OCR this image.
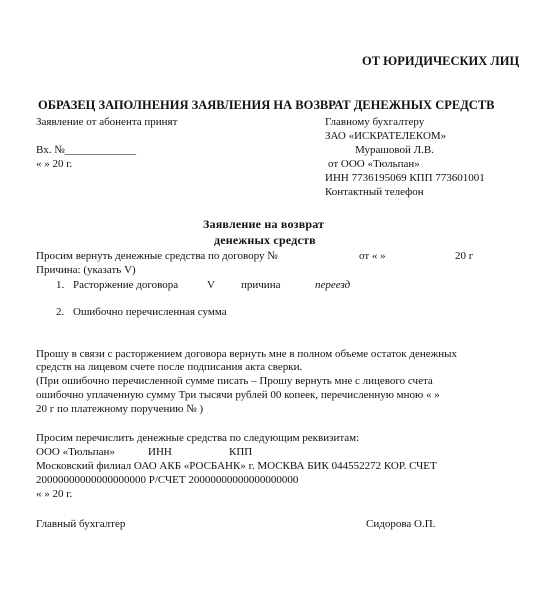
ОТ ЮРИДИЧЕСКИХ ЛИЦ
ОБРАЗЕЦ ЗАПОЛНЕНИЯ ЗАЯВЛЕНИЯ НА ВОЗВРАТ ДЕНЕЖНЫХ СРЕДСТВ
Заявление от абонента принят
Вх. №_____________
« » 20 г.
Главному бухгалтеру
ЗАО «ИСКРАТЕЛЕКОМ»
Мурашовой Л.В.
от ООО «Тюльпан»
ИНН 7736195069 КПП 773601001
Контактный телефон
Заявление на возврат
денежных средств
Просим вернуть денежные средства по договору №	от « »	20 г
Причина: (указать V)
1. Расторжение договора	V причина	переезд
2. Ошибочно перечисленная сумма
Прошу в связи с расторжением договора вернуть мне в полном объеме остаток денежных
средств на лицевом счете после подписания акта сверки.
(При ошибочно перечисленной сумме писать – Прошу вернуть мне с лицевого счета
ошибочно уплаченную сумму Три тысячи рублей 00 копеек, перечисленную мною « »
20 г по платежному поручению № )
Просим перечислить денежные средства по следующим реквизитам:
ООО «Тюльпан»	ИНН	КПП
Московский филиал ОАО АКБ «РОСБАНК» г. МОСКВА БИК 044552272 КОР. СЧЕТ
20000000000000000000 Р/СЧЕТ 20000000000000000000
« » 20 г.
Главный бухгалтер	Сидорова О.П.
